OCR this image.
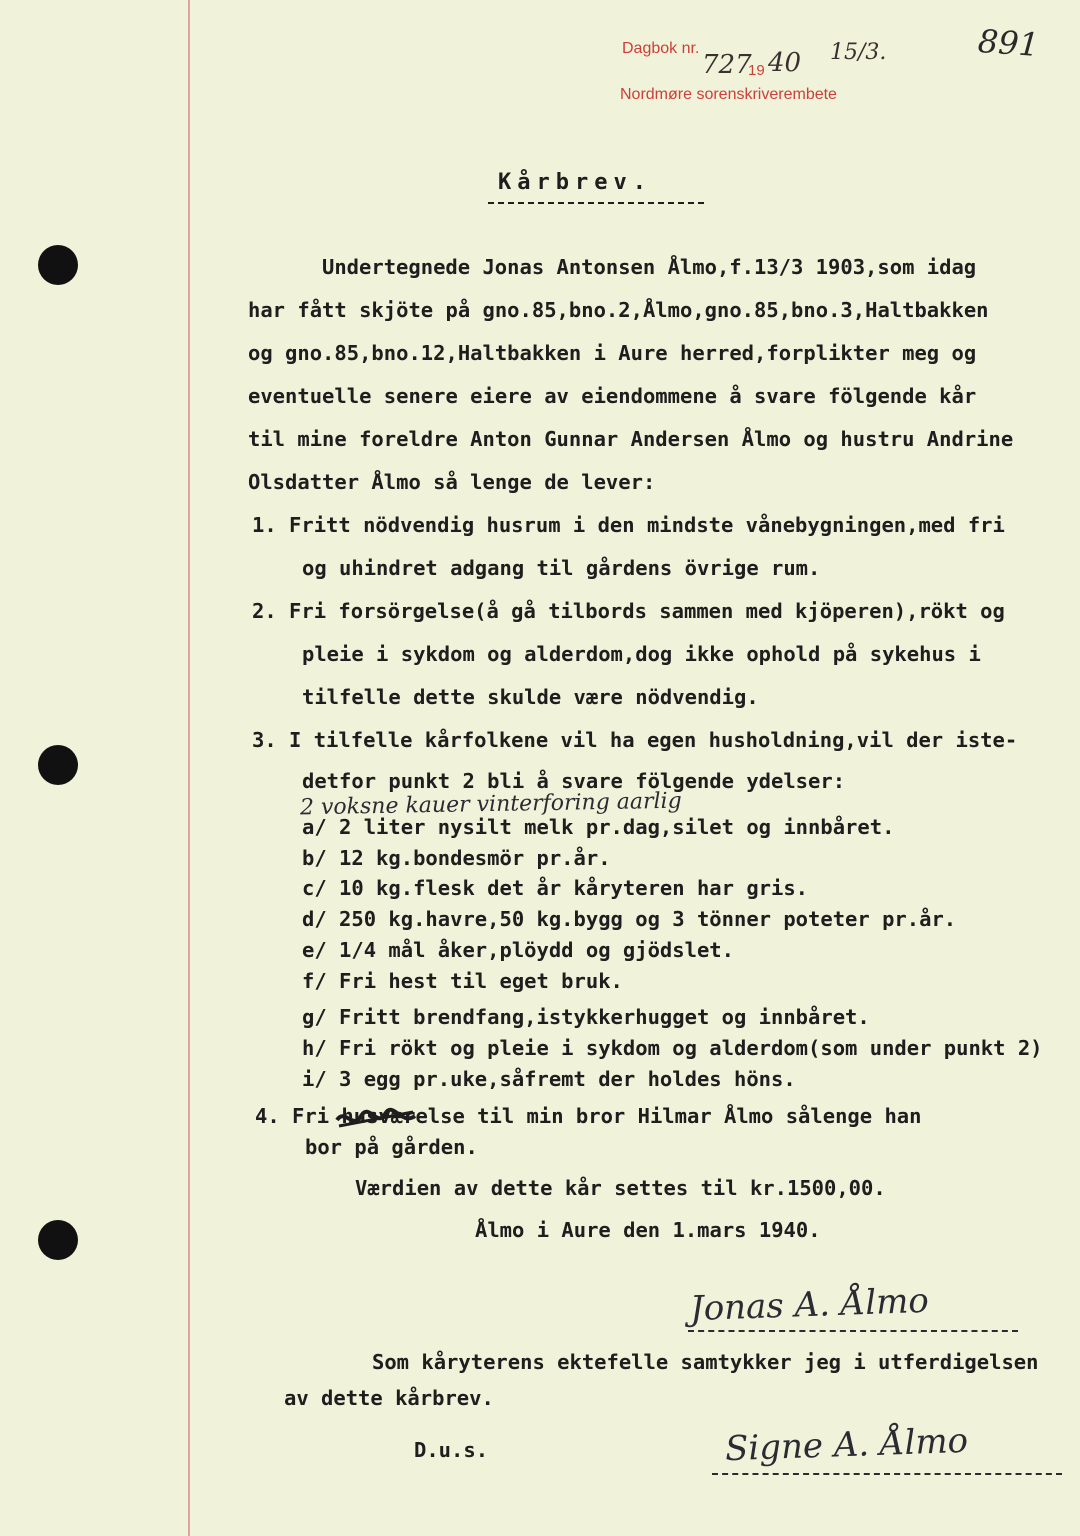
891
Dagbok nr.
727
19 40 15/3.
Nordmøre sorenskriverembete
Kårbrev.
Undertegnede Jonas Antonsen Ålmo,f.13/3 1903,som idag
har fått skjöte på gno.85,bno.2,Ålmo,gno.85,bno.3,Haltbakken
og gno.85,bno.12,Haltbakken i Aure herred,forplikter meg og
eventuelle senere eiere av eiendommene å svare fölgende kår
til mine foreldre Anton Gunnar Andersen Ålmo og hustru Andrine
Olsdatter Ålmo så lenge de lever:
1. Fritt nödvendig husrum i den mindste vånebygningen,med fri
og uhindret adgang til gårdens övrige rum.
2. Fri forsörgelse(å gå tilbords sammen med kjöperen),rökt og
pleie i sykdom og alderdom,dog ikke ophold på sykehus i
tilfelle dette skulde være nödvendig.
3. I tilfelle kårfolkene vil ha egen husholdning,vil der iste-
detfor punkt 2 bli å svare fölgende ydelser:
2 voksne kauer vinterforing aarlig
a/ 2 liter nysilt melk pr.dag,silet og innbåret.
b/ 12 kg.bondesmör pr.år.
c/ 10 kg.flesk det år kåryteren har gris.
d/ 250 kg.havre,50 kg.bygg og 3 tönner poteter pr.år.
e/ 1/4 mål åker,plöydd og gjödslet.
f/ Fri hest til eget bruk.
g/ Fritt brendfang,istykkerhugget og innbåret.
h/ Fri rökt og pleie i sykdom og alderdom(som under punkt 2)
i/ 3 egg pr.uke,såfremt der holdes höns.
4. Fri husværelse til min bror Hilmar Ålmo sålenge han
bor på gården.
Værdien av dette kår settes til kr.1500,00.
Ålmo i Aure den 1.mars 1940.
Jonas A. Ålmo
Som kåryterens ektefelle samtykker jeg i utferdigelsen
av dette kårbrev.
D.u.s.	Signe A. Ålmo
